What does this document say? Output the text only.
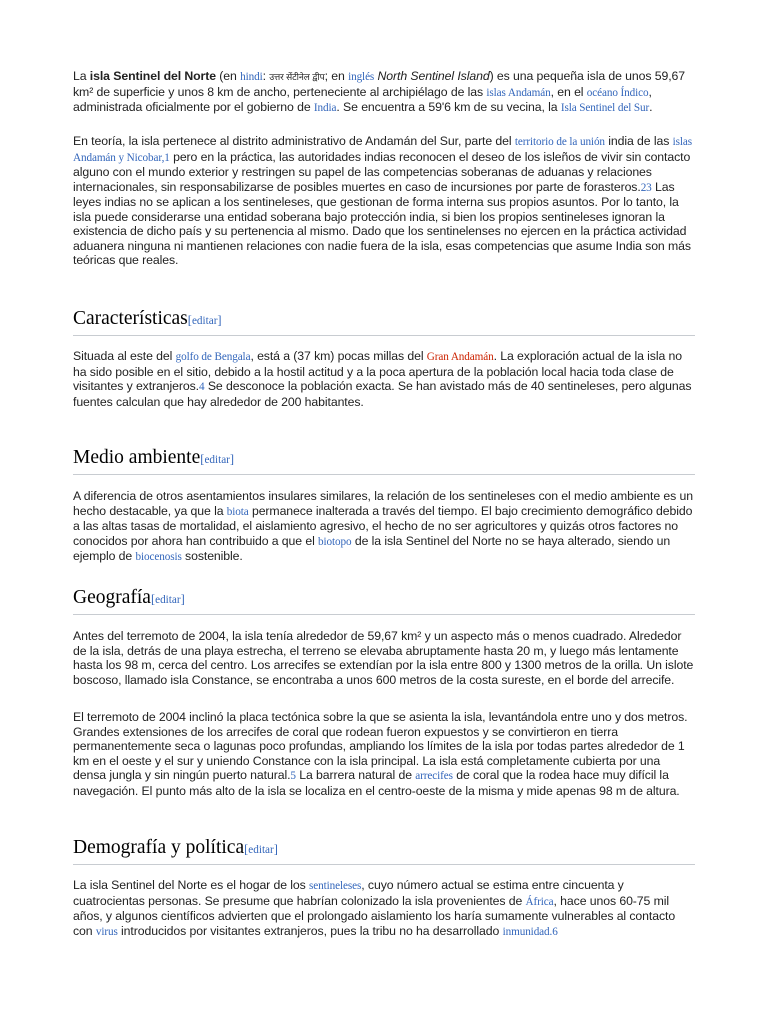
La isla Sentinel del Norte (en hindi: उत्तर सेंटीनेल द्वीप; en inglés North Sentinel Island) es una pequeña isla de unos 59,67 km² de superficie y unos 8 km de ancho, perteneciente al archipiélago de las islas Andamán, en el océano Índico, administrada oficialmente por el gobierno de India. Se encuentra a 59'6 km de su vecina, la Isla Sentinel del Sur.

En teoría, la isla pertenece al distrito administrativo de Andamán del Sur, parte del territorio de la unión india de las islas Andamán y Nicobar,1 pero en la práctica, las autoridades indias reconocen el deseo de los isleños de vivir sin contacto alguno con el mundo exterior y restringen su papel de las competencias soberanas de aduanas y relaciones internacionales, sin responsabilizarse de posibles muertes en caso de incursiones por parte de forasteros.23 Las leyes indias no se aplican a los sentineleses, que gestionan de forma interna sus propios asuntos. Por lo tanto, la isla puede considerarse una entidad soberana bajo protección india, si bien los propios sentineleses ignoran la existencia de dicho país y su pertenencia al mismo. Dado que los sentinelenses no ejercen en la práctica actividad aduanera ninguna ni mantienen relaciones con nadie fuera de la isla, esas competencias que asume India son más teóricas que reales.

Características[editar]

Situada al este del golfo de Bengala, está a (37 km) pocas millas del Gran Andamán. La exploración actual de la isla no ha sido posible en el sitio, debido a la hostil actitud y a la poca apertura de la población local hacia toda clase de visitantes y extranjeros.4 Se desconoce la población exacta. Se han avistado más de 40 sentineleses, pero algunas fuentes calculan que hay alrededor de 200 habitantes.

Medio ambiente[editar]

A diferencia de otros asentamientos insulares similares, la relación de los sentineleses con el medio ambiente es un hecho destacable, ya que la biota permanece inalterada a través del tiempo. El bajo crecimiento demográfico debido a las altas tasas de mortalidad, el aislamiento agresivo, el hecho de no ser agricultores y quizás otros factores no conocidos por ahora han contribuido a que el biotopo de la isla Sentinel del Norte no se haya alterado, siendo un ejemplo de biocenosis sostenible.

Geografía[editar]

Antes del terremoto de 2004, la isla tenía alrededor de 59,67 km² y un aspecto más o menos cuadrado. Alrededor de la isla, detrás de una playa estrecha, el terreno se elevaba abruptamente hasta 20 m, y luego más lentamente hasta los 98 m, cerca del centro. Los arrecifes se extendían por la isla entre 800 y 1300 metros de la orilla. Un islote boscoso, llamado isla Constance, se encontraba a unos 600 metros de la costa sureste, en el borde del arrecife.

El terremoto de 2004 inclinó la placa tectónica sobre la que se asienta la isla, levantándola entre uno y dos metros. Grandes extensiones de los arrecifes de coral que rodean fueron expuestos y se convirtieron en tierra permanentemente seca o lagunas poco profundas, ampliando los límites de la isla por todas partes alrededor de 1 km en el oeste y el sur y uniendo Constance con la isla principal. La isla está completamente cubierta por una densa jungla y sin ningún puerto natural.5 La barrera natural de arrecifes de coral que la rodea hace muy difícil la navegación. El punto más alto de la isla se localiza en el centro-oeste de la misma y mide apenas 98 m de altura.

Demografía y política[editar]

La isla Sentinel del Norte es el hogar de los sentineleses, cuyo número actual se estima entre cincuenta y cuatrocientas personas. Se presume que habrían colonizado la isla provenientes de África, hace unos 60-75 mil años, y algunos científicos advierten que el prolongado aislamiento los haría sumamente vulnerables al contacto con virus introducidos por visitantes extranjeros, pues la tribu no ha desarrollado inmunidad.6
